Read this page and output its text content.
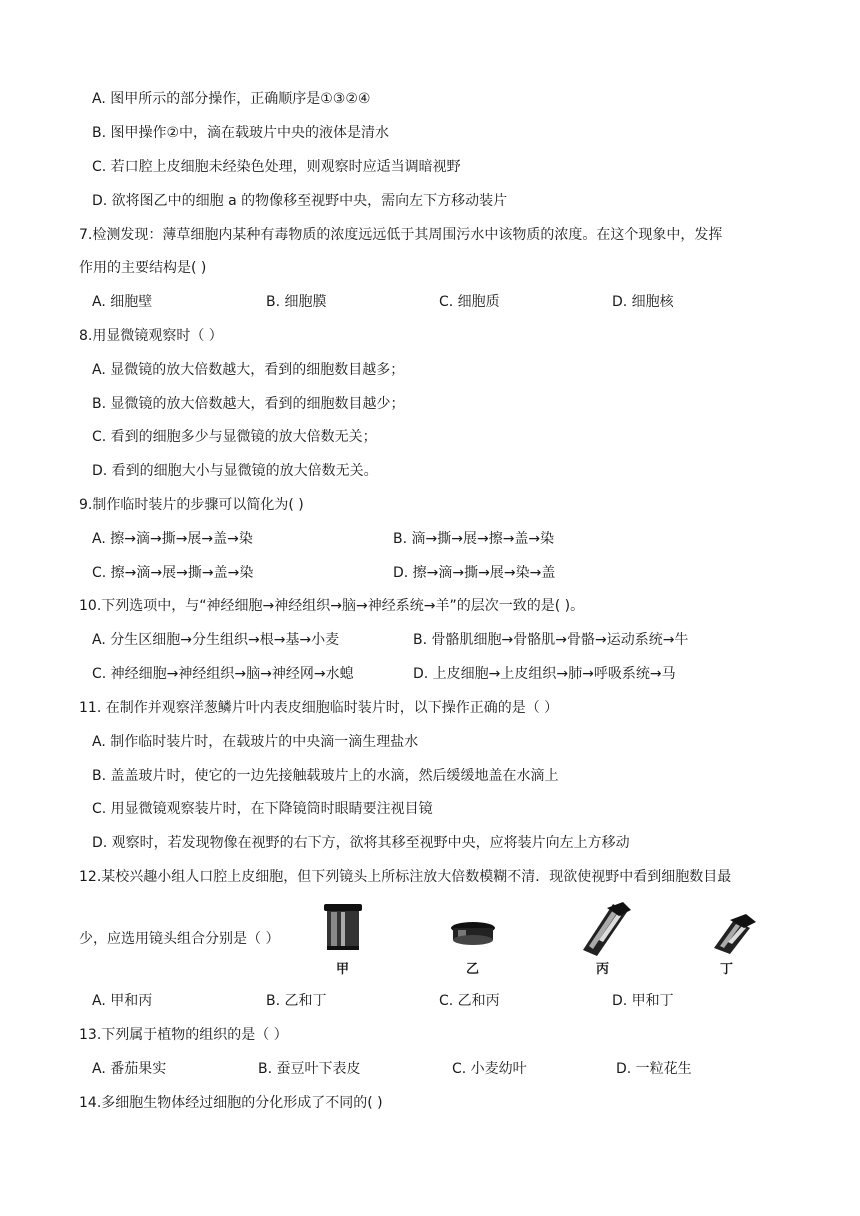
A. 图甲所示的部分操作，正确顺序是①③②④
B. 图甲操作②中，滴在载玻片中央的液体是清水
C. 若口腔上皮细胞未经染色处理，则观察时应适当调暗视野
D. 欲将图乙中的细胞 a 的物像移至视野中央，需向左下方移动装片
7.检测发现：薄草细胞内某种有毒物质的浓度远远低于其周围污水中该物质的浓度。在这个现象中，发挥
作用的主要结构是( )
A. 细胞壁	B. 细胞膜	C. 细胞质	D. 细胞核
8.用显微镜观察时（ ）
A. 显微镜的放大倍数越大，看到的细胞数目越多；
B. 显微镜的放大倍数越大，看到的细胞数目越少；
C. 看到的细胞多少与显微镜的放大倍数无关；
D. 看到的细胞大小与显微镜的放大倍数无关。
9.制作临时装片的步骤可以简化为( )
A. 擦→滴→撕→展→盖→染	B. 滴→撕→展→擦→盖→染
C. 擦→滴→展→撕→盖→染	D. 擦→滴→撕→展→染→盖
10.下列选项中，与“神经细胞→神经组织→脑→神经系统→羊”的层次一致的是( )。
A. 分生区细胞→分生组织→根→基→小麦	B. 骨骼肌细胞→骨骼肌→骨骼→运动系统→牛
C. 神经细胞→神经组织→脑→神经网→水螅	D. 上皮细胞→上皮组织→肺→呼吸系统→马
11. 在制作并观察洋葱鳞片叶内表皮细胞临时装片时，以下操作正确的是（ ）
A. 制作临时装片时，在载玻片的中央滴一滴生理盐水
B. 盖盖玻片时，使它的一边先接触载玻片上的水滴，然后缓缓地盖在水滴上
C. 用显微镜观察装片时，在下降镜筒时眼睛要注视目镜
D. 观察时，若发现物像在视野的右下方，欲将其移至视野中央，应将装片向左上方移动
12.某校兴趣小组人口腔上皮细胞，但下列镜头上所标注放大倍数模糊不清．现欲使视野中看到细胞数目最
少，应选用镜头组合分别是（ ）
甲	乙	丙	丁
A. 甲和丙	B. 乙和丁	C. 乙和丙	D. 甲和丁
13.下列属于植物的组织的是（ ）
A. 番茄果实	B. 蚕豆叶下表皮	C. 小麦幼叶	D. 一粒花生
14.多细胞生物体经过细胞的分化形成了不同的( )
